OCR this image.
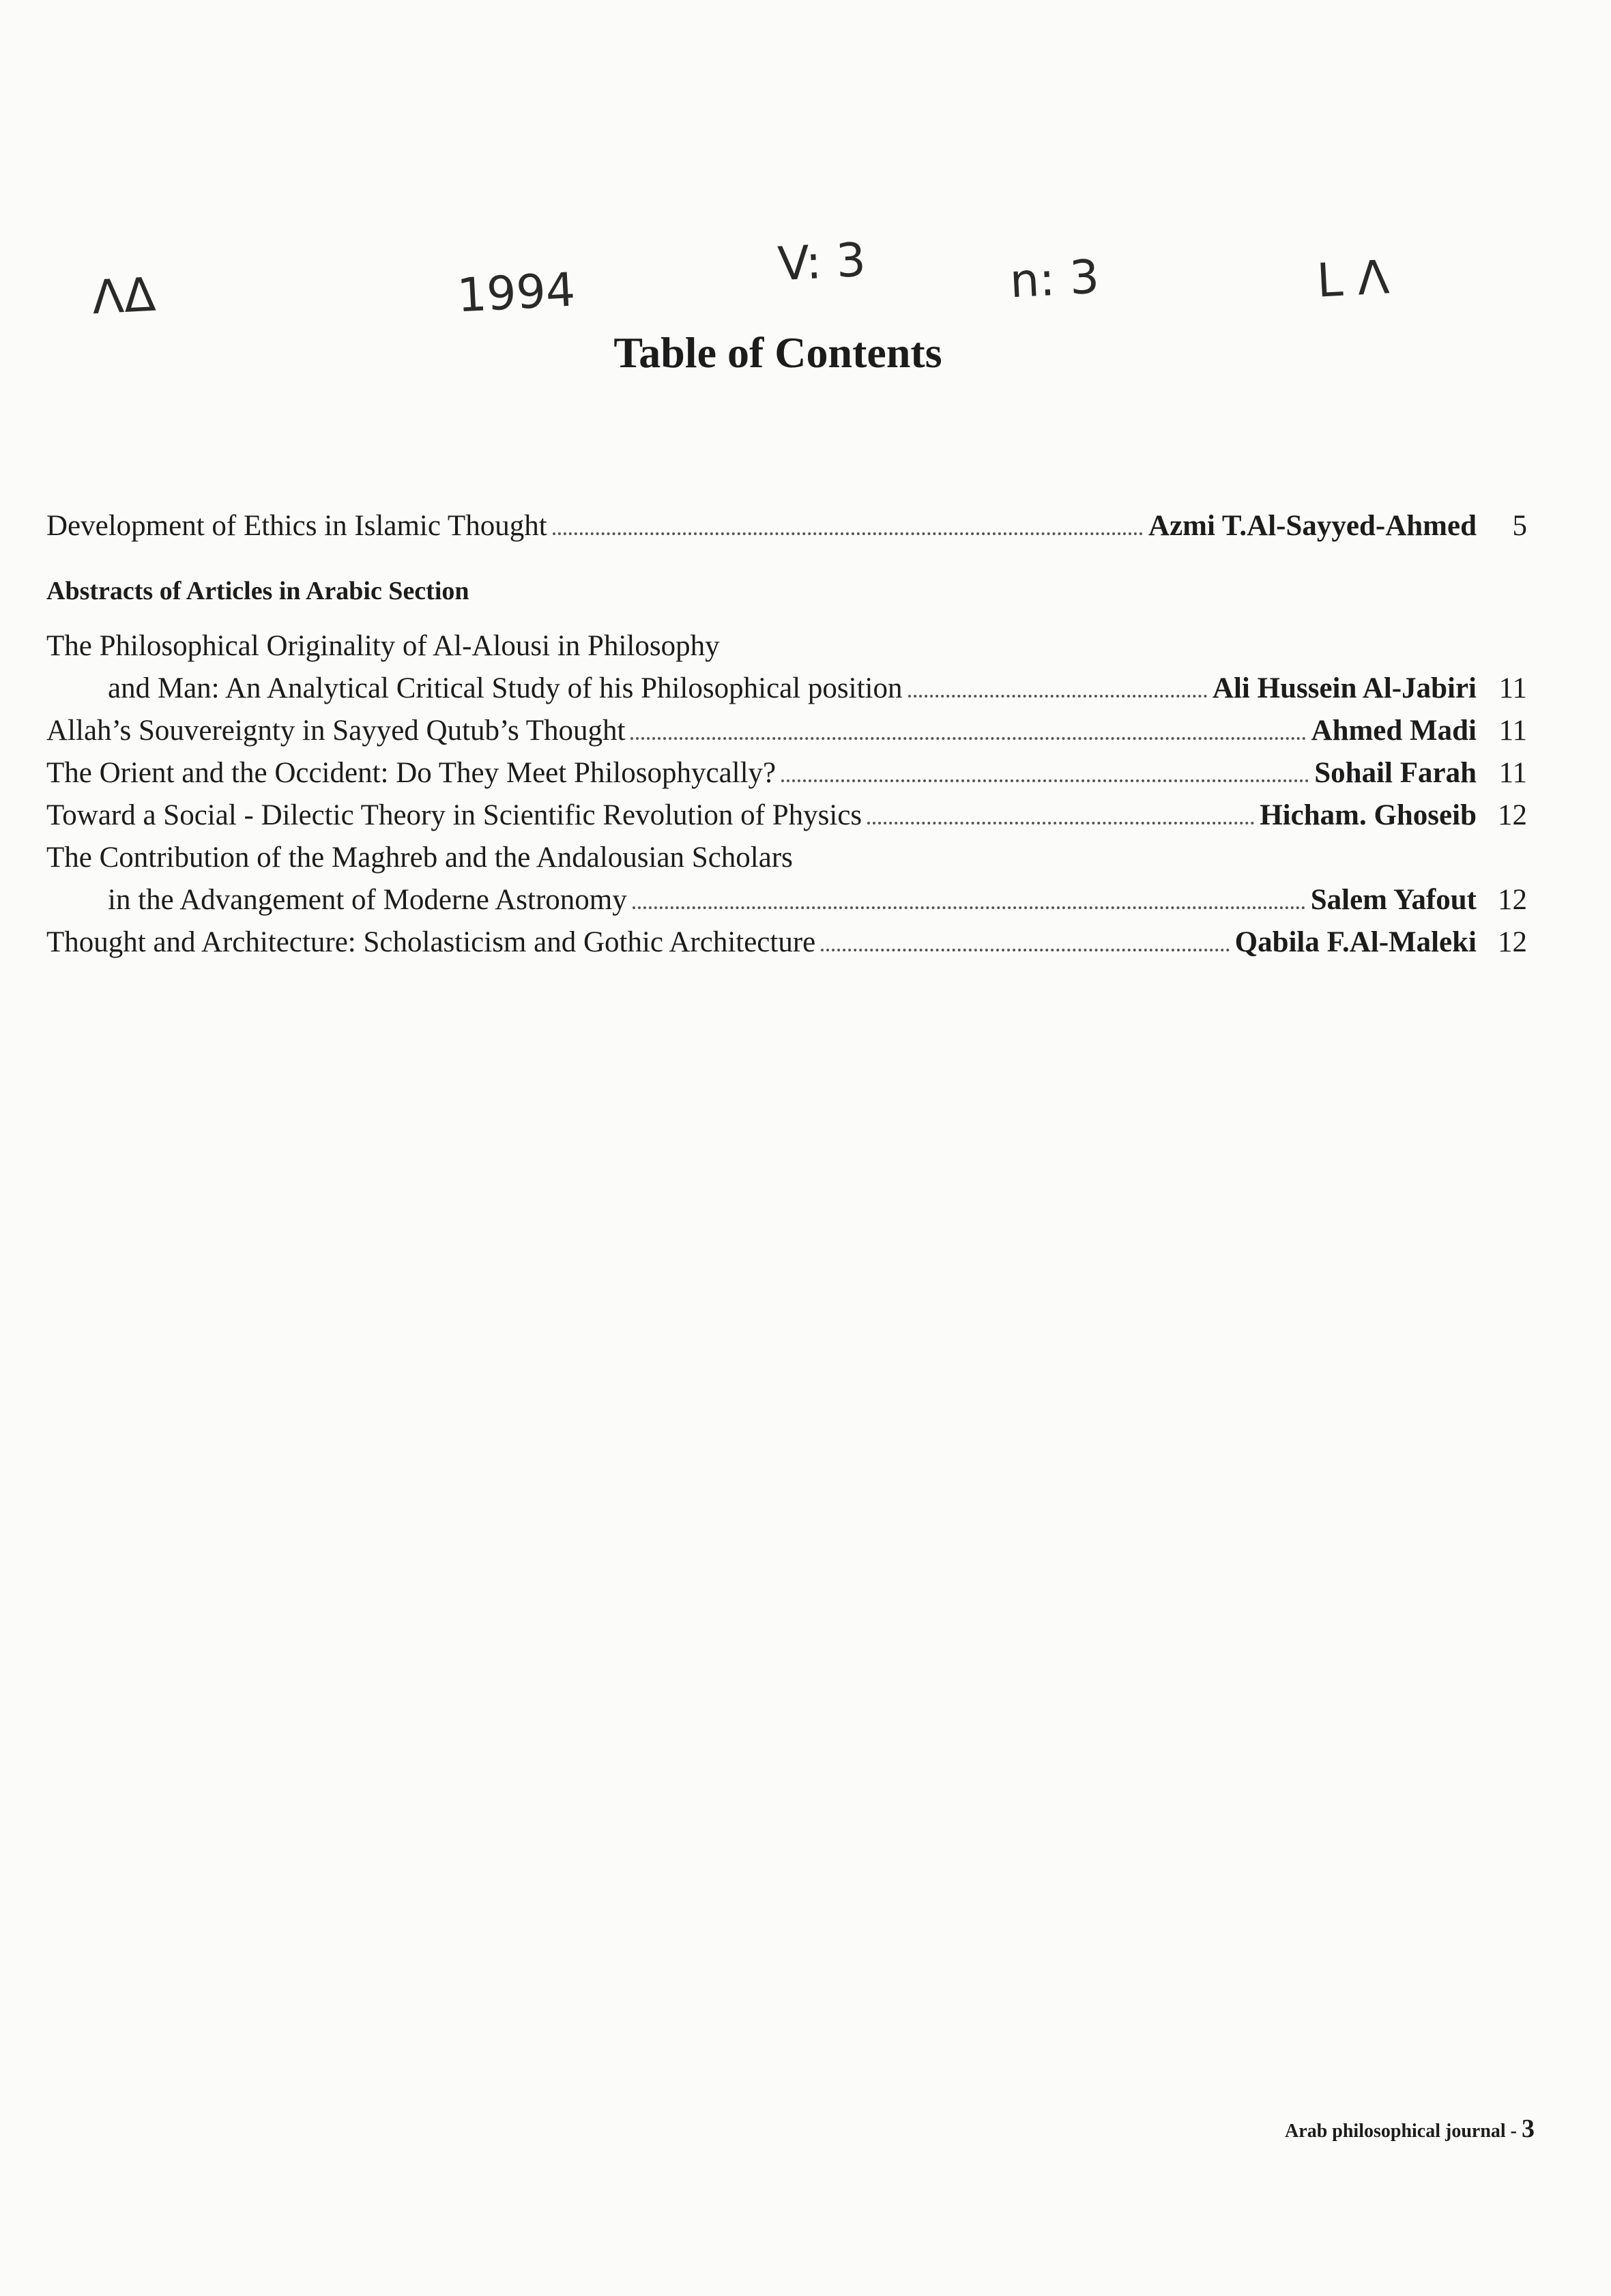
ΛΔ	1994
V: 3	n: 3	L Λ
Table of Contents
Development of Ethics in Islamic Thought	Azmi T.Al-Sayyed-Ahmed	5
Abstracts of Articles in Arabic Section
The Philosophical Originality of Al-Alousi in Philosophy
and Man: An Analytical Critical Study of his Philosophical position	Ali Hussein Al-Jabiri 11
Allah’s Souvereignty in Sayyed Qutub’s Thought	Ahmed Madi 11
The Orient and the Occident: Do They Meet Philosophycally?	Sohail Farah 11
Toward a Social - Dilectic Theory in Scientific Revolution of Physics	Hicham. Ghoseib 12
The Contribution of the Maghreb and the Andalousian Scholars
in the Advangement of Moderne Astronomy	Salem Yafout 12
Thought and Architecture: Scholasticism and Gothic Architecture	Qabila F.Al-Maleki 12
Arab philosophical journal - 3
